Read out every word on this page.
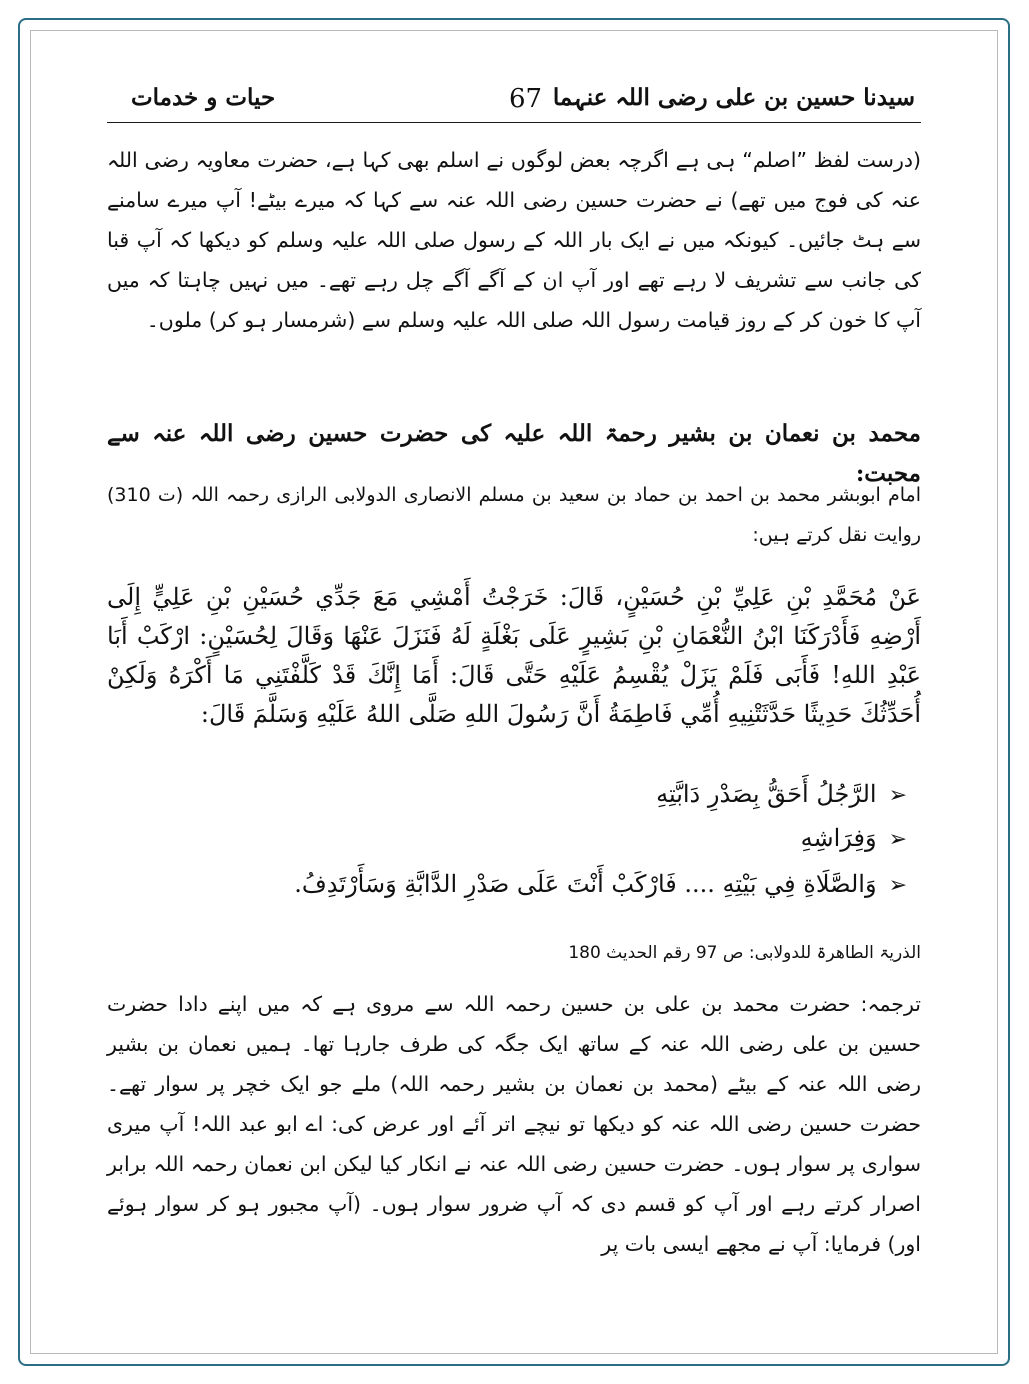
سیدنا حسین بن علی رضی اللہ عنہما
67
حیات و خدمات

(درست لفظ ”اصلم“ ہی ہے اگرچہ بعض لوگوں نے اسلم بھی کہا ہے، حضرت معاویہ رضی اللہ عنہ کی فوج میں تھے) نے حضرت حسین رضی اللہ عنہ سے کہا کہ میرے بیٹے! آپ میرے سامنے سے ہٹ جائیں۔ کیونکہ میں نے ایک بار اللہ کے رسول صلی اللہ علیہ وسلم کو دیکھا کہ آپ قبا کی جانب سے تشریف لا رہے تھے اور آپ ان کے آگے آگے چل رہے تھے۔ میں نہیں چاہتا کہ میں آپ کا خون کر کے روز قیامت رسول اللہ صلی اللہ علیہ وسلم سے (شرمسار ہو کر) ملوں۔

محمد بن نعمان بن بشیر رحمۃ اللہ علیہ کی حضرت حسین رضی اللہ عنہ سے محبت:

امام ابوبشر محمد بن احمد بن حماد بن سعید بن مسلم الانصاری الدولابی الرازی رحمہ اللہ (ت 310) روایت نقل کرتے ہیں:

عَنْ مُحَمَّدِ بْنِ عَلِيِّ بْنِ حُسَيْنٍ، قَالَ: خَرَجْتُ أَمْشِي مَعَ جَدِّي حُسَيْنِ بْنِ عَلِيٍّ إِلَى أَرْضِهِ فَأَدْرَكَنَا ابْنُ النُّعْمَانِ بْنِ بَشِيرٍ عَلَى بَغْلَةٍ لَهُ فَنَزَلَ عَنْهَا وَقَالَ لِحُسَيْنٍ: ارْكَبْ أَبَا عَبْدِ اللهِ! فَأَبَى فَلَمْ يَزَلْ يُقْسِمُ عَلَيْهِ حَتَّى قَالَ: أَمَا إِنَّكَ قَدْ كَلَّفْتَنِي مَا أَكْرَهُ وَلَكِنْ أُحَدِّثُكَ حَدِيثًا حَدَّثَتْنِيهِ أُمِّي فَاطِمَةُ أَنَّ رَسُولَ اللهِ صَلَّى اللهُ عَلَيْهِ وَسَلَّمَ قَالَ:

➢الرَّجُلُ أَحَقُّ بِصَدْرِ دَابَّتِهِ
➢وَفِرَاشِهِ
➢وَالصَّلَاةِ فِي بَيْتِهِ .... فَارْكَبْ أَنْتَ عَلَى صَدْرِ الدَّابَّةِ وَسَأَرْتَدِفُ.
الذریۃ الطاھرۃ للدولابی: ص 97 رقم الحدیث 180

ترجمہ: حضرت محمد بن علی بن حسین رحمہ اللہ سے مروی ہے کہ میں اپنے دادا حضرت حسین بن علی رضی اللہ عنہ کے ساتھ ایک جگہ کی طرف جارہا تھا۔ ہمیں نعمان بن بشیر رضی اللہ عنہ کے بیٹے (محمد بن نعمان بن بشیر رحمہ اللہ) ملے جو ایک خچر پر سوار تھے۔ حضرت حسین رضی اللہ عنہ کو دیکھا تو نیچے اتر آئے اور عرض کی: اے ابو عبد اللہ! آپ میری سواری پر سوار ہوں۔ حضرت حسین رضی اللہ عنہ نے انکار کیا لیکن ابن نعمان رحمہ اللہ برابر اصرار کرتے رہے اور آپ کو قسم دی کہ آپ ضرور سوار ہوں۔ (آپ مجبور ہو کر سوار ہوئے اور) فرمایا: آپ نے مجھے ایسی بات پر
